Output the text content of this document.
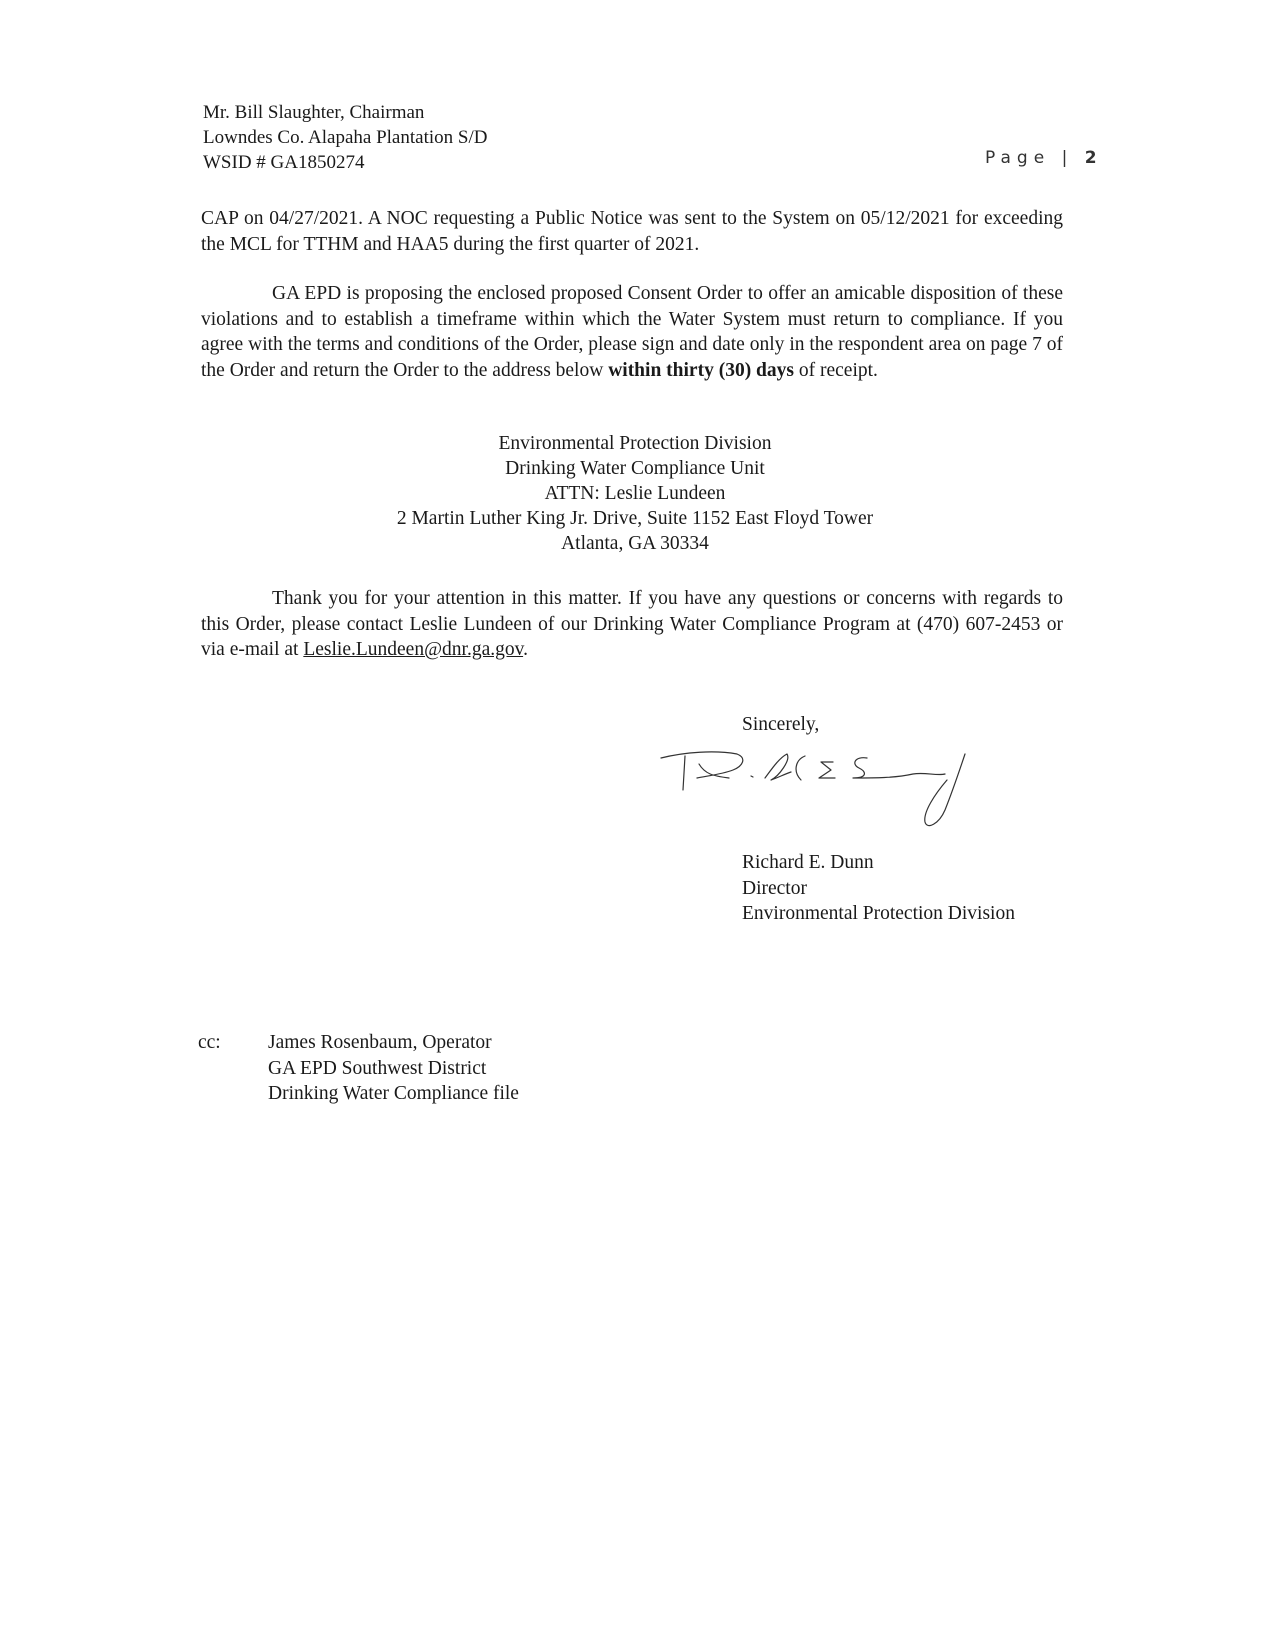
Mr. Bill Slaughter, Chairman
Lowndes Co. Alapaha Plantation S/D
WSID # GA1850274	Page | 2
CAP on 04/27/2021. A NOC requesting a Public Notice was sent to the System on 05/12/2021 for exceeding the MCL for TTHM and HAA5 during the first quarter of 2021.
GA EPD is proposing the enclosed proposed Consent Order to offer an amicable disposition of these violations and to establish a timeframe within which the Water System must return to compliance. If you agree with the terms and conditions of the Order, please sign and date only in the respondent area on page 7 of the Order and return the Order to the address below within thirty (30) days of receipt.
Environmental Protection Division
Drinking Water Compliance Unit
ATTN: Leslie Lundeen
2 Martin Luther King Jr. Drive, Suite 1152 East Floyd Tower
Atlanta, GA 30334
Thank you for your attention in this matter. If you have any questions or concerns with regards to this Order, please contact Leslie Lundeen of our Drinking Water Compliance Program at (470) 607-2453 or via e-mail at Leslie.Lundeen@dnr.ga.gov.
Sincerely,
Richard E. Dunn
Director
Environmental Protection Division
cc:	James Rosenbaum, Operator
GA EPD Southwest District
Drinking Water Compliance file
